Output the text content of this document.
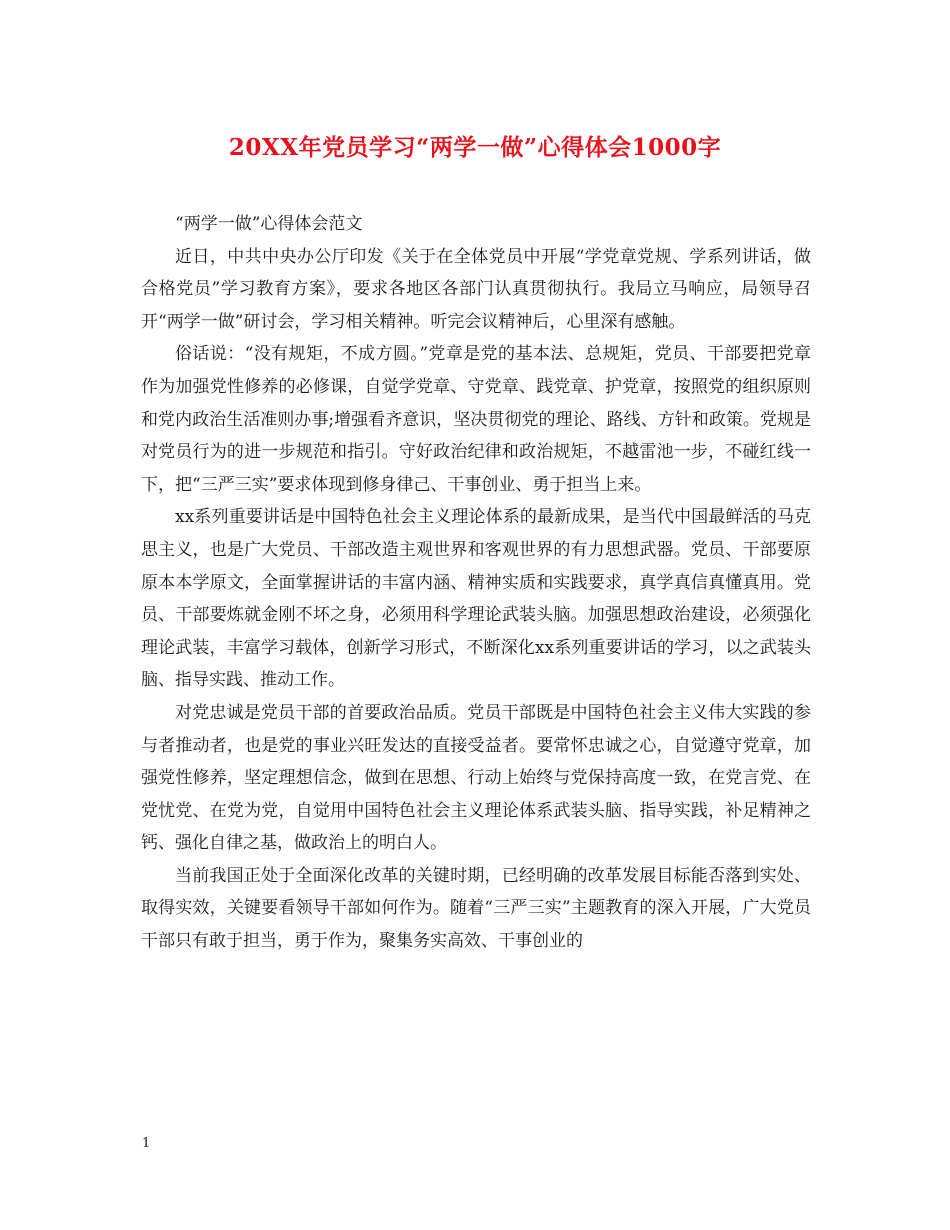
20XX年党员学习“两学一做”心得体会1000字

“两学一做”心得体会范文

近日，中共中央办公厅印发《关于在全体党员中开展“学党章党规、学系列讲话，做合格党员”学习教育方案》，要求各地区各部门认真贯彻执行。我局立马响应，局领导召开“两学一做”研讨会，学习相关精神。听完会议精神后，心里深有感触。

俗话说：“没有规矩，不成方圆。”党章是党的基本法、总规矩，党员、干部要把党章作为加强党性修养的必修课，自觉学党章、守党章、践党章、护党章，按照党的组织原则和党内政治生活准则办事;增强看齐意识，坚决贯彻党的理论、路线、方针和政策。党规是对党员行为的进一步规范和指引。守好政治纪律和政治规矩，不越雷池一步，不碰红线一下，把“三严三实”要求体现到修身律己、干事创业、勇于担当上来。

xx系列重要讲话是中国特色社会主义理论体系的最新成果，是当代中国最鲜活的马克思主义，也是广大党员、干部改造主观世界和客观世界的有力思想武器。党员、干部要原原本本学原文，全面掌握讲话的丰富内涵、精神实质和实践要求，真学真信真懂真用。党员、干部要炼就金刚不坏之身，必须用科学理论武装头脑。加强思想政治建设，必须强化理论武装，丰富学习载体，创新学习形式，不断深化xx系列重要讲话的学习，以之武装头脑、指导实践、推动工作。

对党忠诚是党员干部的首要政治品质。党员干部既是中国特色社会主义伟大实践的参与者推动者，也是党的事业兴旺发达的直接受益者。要常怀忠诚之心，自觉遵守党章，加强党性修养，坚定理想信念，做到在思想、行动上始终与党保持高度一致，在党言党、在党忧党、在党为党，自觉用中国特色社会主义理论体系武装头脑、指导实践，补足精神之钙、强化自律之基，做政治上的明白人。

当前我国正处于全面深化改革的关键时期，已经明确的改革发展目标能否落到实处、取得实效，关键要看领导干部如何作为。随着“三严三实”主题教育的深入开展，广大党员干部只有敢于担当，勇于作为，聚集务实高效、干事创业的

1
